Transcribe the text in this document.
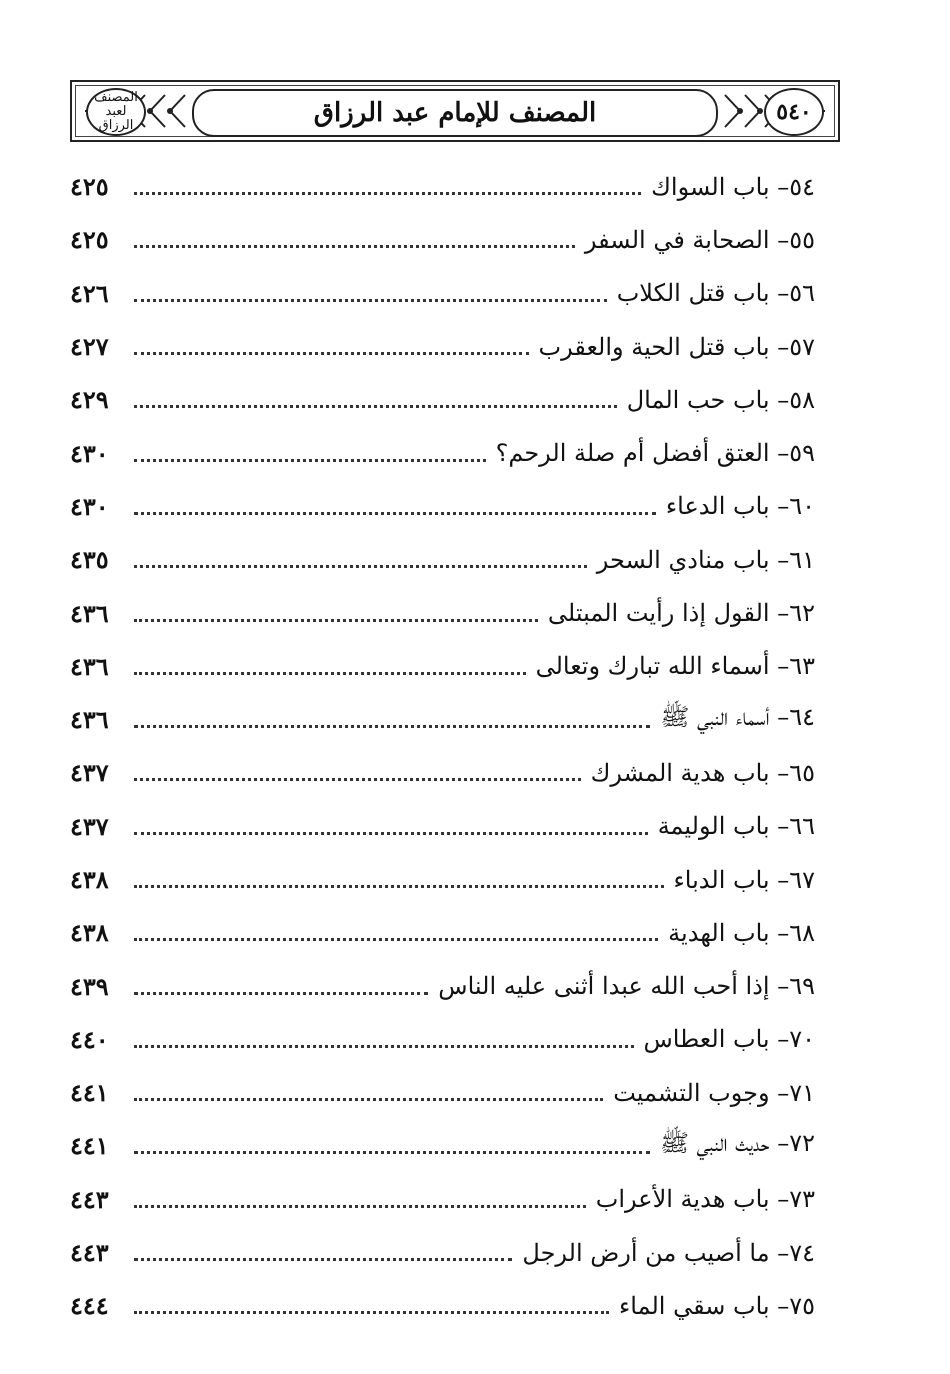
٥٤٠
المصنف لعبد الرزاق	المصنف للإمام عبد الرزاق
٥٤– باب السواك
٤٢٥
٥٥– الصحابة في السفر
٤٢٥
٥٦– باب قتل الكلاب
٤٢٦
٥٧– باب قتل الحية والعقرب
٤٢٧
٥٨– باب حب المال
٤٢٩
٥٩– العتق أفضل أم صلة الرحم؟
٤٣٠
٦٠– باب الدعاء
٤٣٠
٦١– باب منادي السحر
٤٣٥
٦٢– القول إذا رأيت المبتلى
٤٣٦
٦٣– أسماء الله تبارك وتعالى
٤٣٦
٦٤– أسماء النبي ﷺ
٤٣٦
٦٥– باب هدية المشرك
٤٣٧
٦٦– باب الوليمة
٤٣٧
٦٧– باب الدباء
٤٣٨
٦٨– باب الهدية
٤٣٨
٦٩– إذا أحب الله عبدا أثنى عليه الناس
٤٣٩
٧٠– باب العطاس
٤٤٠
٧١– وجوب التشميت
٤٤١
٧٢– حديث النبي ﷺ
٤٤١
٧٣– باب هدية الأعراب
٤٤٣
٧٤– ما أصيب من أرض الرجل
٤٤٣
٧٥– باب سقي الماء
٤٤٤
